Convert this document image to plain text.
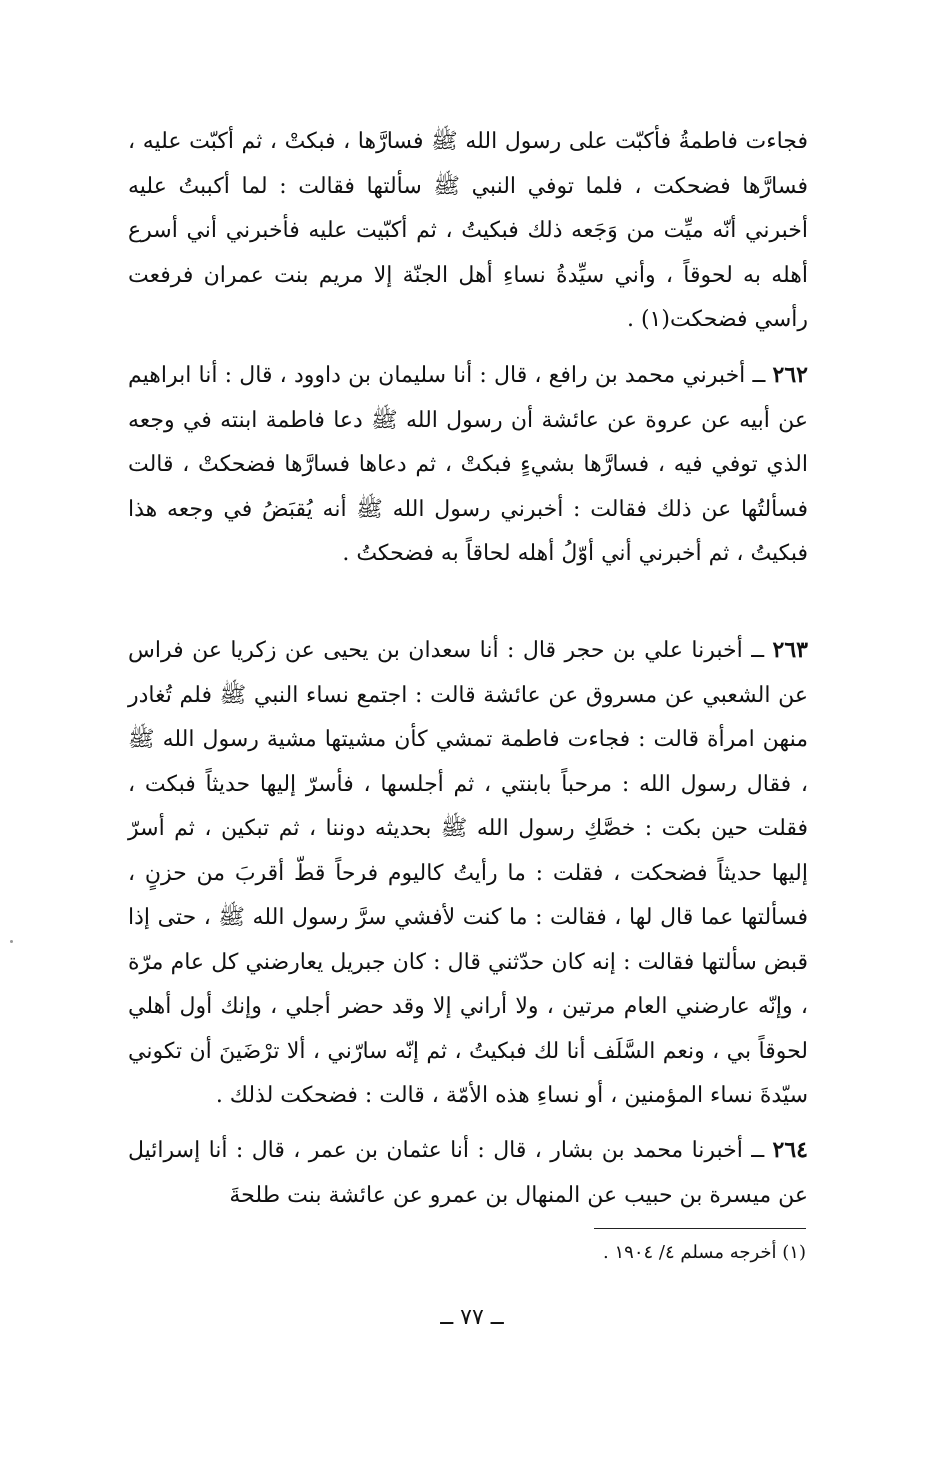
فجاءت فاطمةُ فأكبّت على رسول الله ﷺ فسارَّها ، فبكتْ ، ثم أكبّت عليه ، فسارَّها فضحكت ، فلما توفي النبي ﷺ سألتها فقالت : لما أكببتُ عليه أخبرني أنّه ميِّت من وَجَعه ذلك فبكيتُ ، ثم أكبّيت عليه فأخبرني أني أسرع أهله به لحوقاً ، وأني سيِّدةُ نساءِ أهل الجنّة إلا مريم بنت عمران فرفعت رأسي فضحكت(١) .

٢٦٢ ــ أخبرني محمد بن رافع ، قال : أنا سليمان بن داوود ، قال : أنا ابراهيم عن أبيه عن عروة عن عائشة أن رسول الله ﷺ دعا فاطمة ابنته في وجعه الذي توفي فيه ، فسارَّها بشيءٍ فبكتْ ، ثم دعاها فسارَّها فضحكتْ ، قالت فسألتُها عن ذلك فقالت : أخبرني رسول الله ﷺ أنه يُقبَضُ في وجعه هذا فبكيتُ ، ثم أخبرني أني أوّلُ أهله لحاقاً به فضحكتُ .

٢٦٣ ــ أخبرنا علي بن حجر قال : أنا سعدان بن يحيى عن زكريا عن فراس عن الشعبي عن مسروق عن عائشة قالت : اجتمع نساء النبي ﷺ فلم تُغادر منهن امرأة قالت : فجاءت فاطمة تمشي كأن مشيتها مشية رسول الله ﷺ ، فقال رسول الله : مرحباً بابنتي ، ثم أجلسها ، فأسرّ إليها حديثاً فبكت ، فقلت حين بكت : خصَّكِ رسول الله ﷺ بحديثه دوننا ، ثم تبكين ، ثم أسرّ إليها حديثاً فضحكت ، فقلت : ما رأيتُ كاليوم فرحاً قطّ أقربَ من حزنٍ ، فسألتها عما قال لها ، فقالت : ما كنت لأفشي سرَّ رسول الله ﷺ ، حتى إذا قبض سألتها فقالت : إنه كان حدّثني قال : كان جبريل يعارضني كل عام مرّة ، وإنّه عارضني العام مرتين ، ولا أراني إلا وقد حضر أجلي ، وإنك أول أهلي لحوقاً بي ، ونعم السَّلَف أنا لك فبكيتُ ، ثم إنّه سارّني ، ألا ترْضَينَ أن تكوني سيّدةَ نساء المؤمنين ، أو نساءِ هذه الأمّة ، قالت : فضحكت لذلك .

٢٦٤ ــ أخبرنا محمد بن بشار ، قال : أنا عثمان بن عمر ، قال : أنا إسرائيل عن ميسرة بن حبيب عن المنهال بن عمرو عن عائشة بنت طلحةَ

(١) أخرجه مسلم ٤/ ١٩٠٤ .

ــ ٧٧ ــ
